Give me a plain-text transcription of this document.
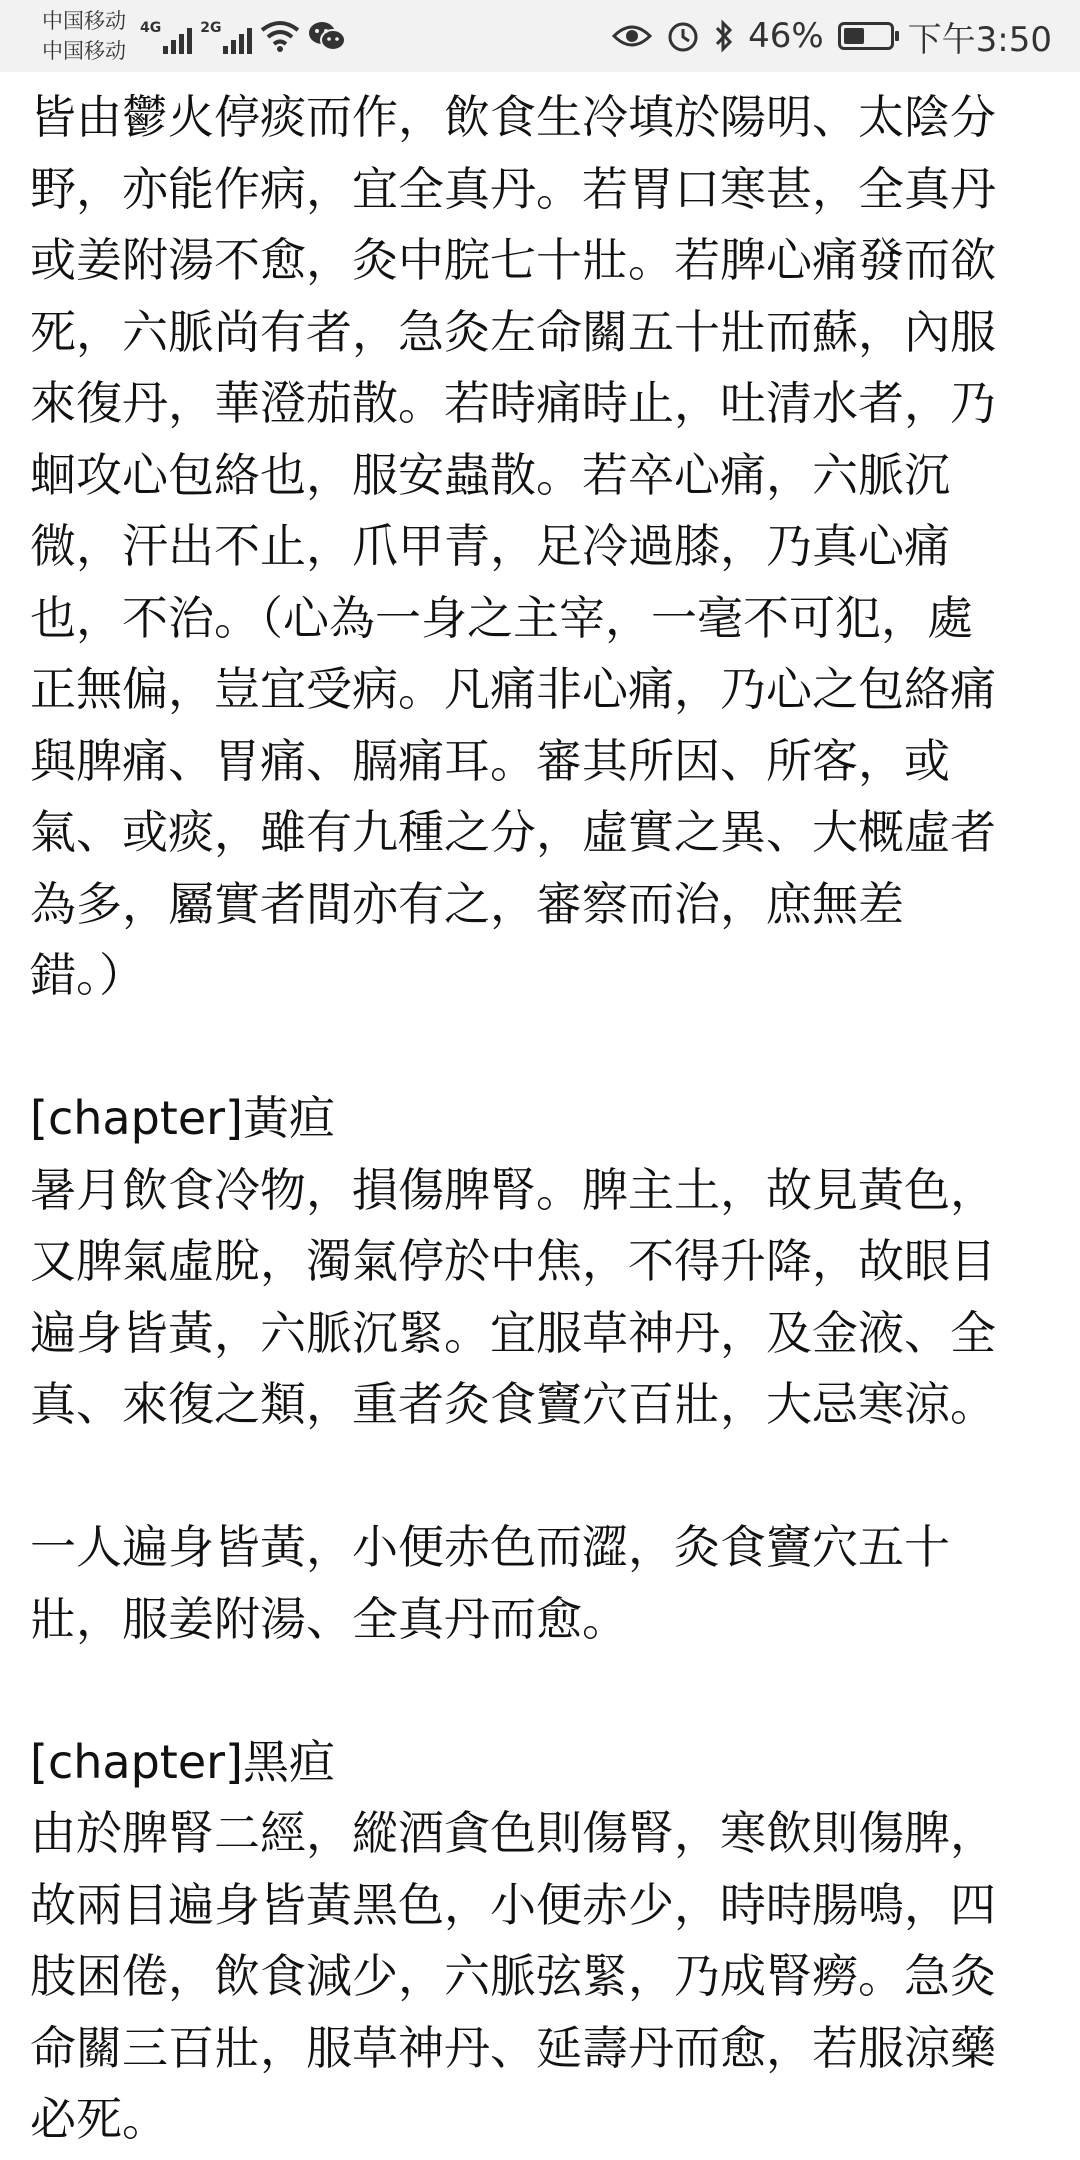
中国移动
中国移动
4G	2G	46% 下午3:50

皆由鬱火停痰而作，飲食生冷填於陽明、太陰分

野，亦能作病，宜全真丹。若胃口寒甚，全真丹

或姜附湯不愈，灸中脘七十壯。若脾心痛發而欲

死，六脈尚有者，急灸左命關五十壯而蘇，內服

來復丹，華澄茄散。若時痛時止，吐清水者，乃

蛔攻心包絡也，服安蟲散。若卒心痛，六脈沉

微，汗出不止，爪甲青，足冷過膝，乃真心痛

也，不治。（心為一身之主宰，一毫不可犯，處

正無偏，豈宜受病。凡痛非心痛，乃心之包絡痛

與脾痛、胃痛、膈痛耳。審其所因、所客，或

氣、或痰，雖有九種之分，虛實之異、大概虛者

為多，屬實者間亦有之，審察而治，庶無差

錯。）

[chapter]黃疸

暑月飲食冷物，損傷脾腎。脾主土，故見黃色，

又脾氣虛脫，濁氣停於中焦，不得升降，故眼目

遍身皆黃，六脈沉緊。宜服草神丹，及金液、全

真、來復之類，重者灸食竇穴百壯，大忌寒涼。

一人遍身皆黃，小便赤色而澀，灸食竇穴五十

壯，服姜附湯、全真丹而愈。

[chapter]黑疸

由於脾腎二經，縱酒貪色則傷腎，寒飲則傷脾，

故兩目遍身皆黃黑色，小便赤少，時時腸鳴，四

肢困倦，飲食減少，六脈弦緊，乃成腎癆。急灸

命關三百壯，服草神丹、延壽丹而愈，若服涼藥

必死。
